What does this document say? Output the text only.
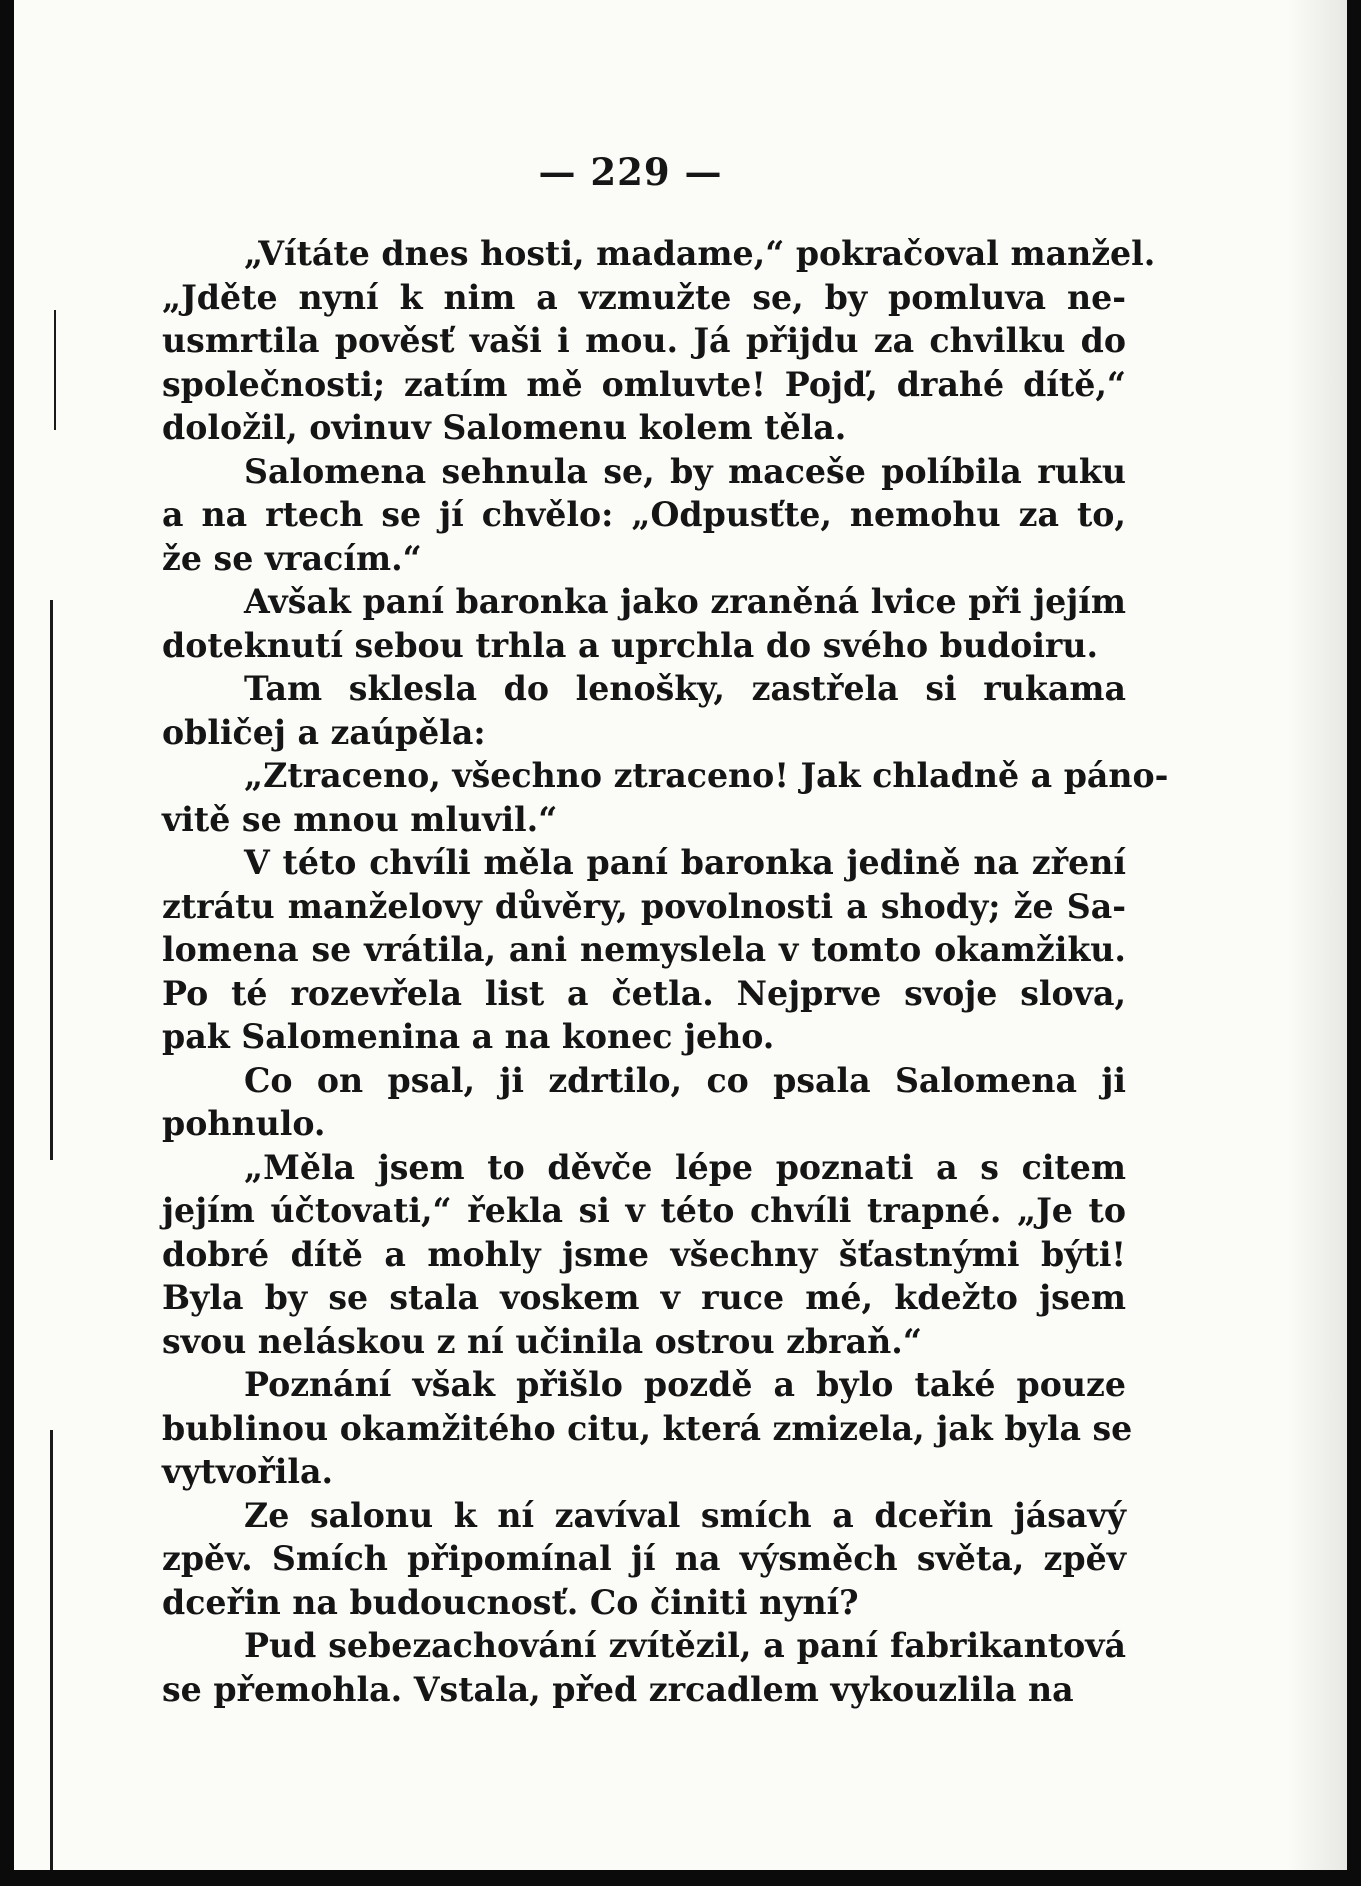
— 229 —
„Vítáte dnes hosti, madame,“ pokračoval manžel.
„Jděte nyní k nim a vzmužte se, by pomluva ne-
usmrtila pověsť vaši i mou. Já přijdu za chvilku do
společnosti; zatím mě omluvte! Pojď, drahé dítě,“
doložil, ovinuv Salomenu kolem těla.
Salomena sehnula se, by maceše políbila ruku
a na rtech se jí chvělo: „Odpusťte, nemohu za to,
že se vracím.“
Avšak paní baronka jako zraněná lvice při jejím
doteknutí sebou trhla a uprchla do svého budoiru.
Tam sklesla do lenošky, zastřela si rukama
obličej a zaúpěla:
„Ztraceno, všechno ztraceno! Jak chladně a páno-
vitě se mnou mluvil.“
V této chvíli měla paní baronka jedině na zření
ztrátu manželovy důvěry, povolnosti a shody; že Sa-
lomena se vrátila, ani nemyslela v tomto okamžiku.
Po té rozevřela list a četla. Nejprve svoje slova,
pak Salomenina a na konec jeho.
Co on psal, ji zdrtilo, co psala Salomena ji
pohnulo.
„Měla jsem to děvče lépe poznati a s citem
jejím účtovati,“ řekla si v této chvíli trapné. „Je to
dobré dítě a mohly jsme všechny šťastnými býti!
Byla by se stala voskem v ruce mé, kdežto jsem
svou neláskou z ní učinila ostrou zbraň.“
Poznání však přišlo pozdě a bylo také pouze
bublinou okamžitého citu, která zmizela, jak byla se
vytvořila.
Ze salonu k ní zavíval smích a dceřin jásavý
zpěv. Smích připomínal jí na výsměch světa, zpěv
dceřin na budoucnosť. Co činiti nyní?
Pud sebezachování zvítězil, a paní fabrikantová
se přemohla. Vstala, před zrcadlem vykouzlila na
